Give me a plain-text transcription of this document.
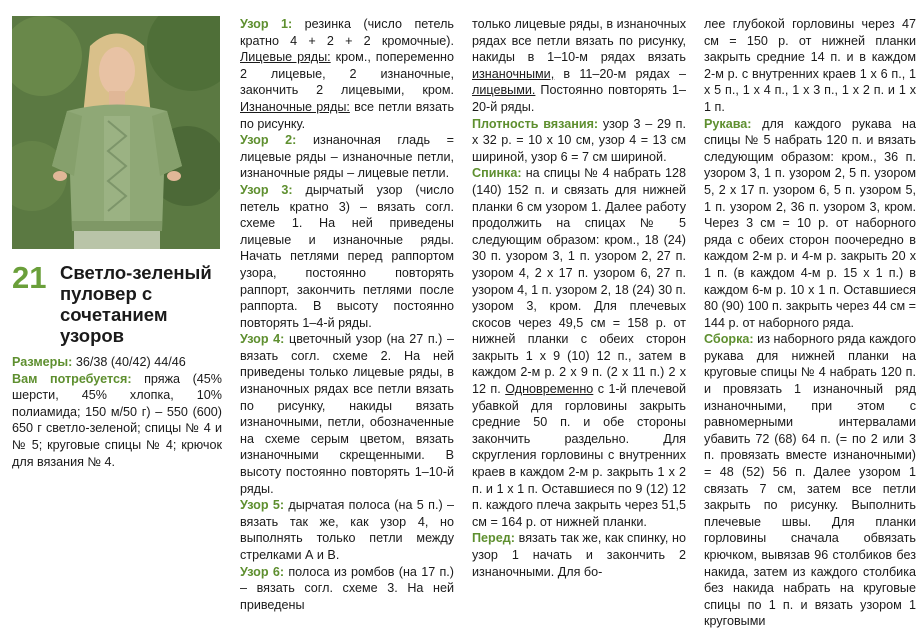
21 Светло-зеленый пуловер с сочетанием узоров

Размеры: 36/38 (40/42) 44/46

Вам потребуется: пряжа (45% шерсти, 45% хлопка, 10% полиамида; 150 м/50 г) – 550 (600) 650 г светло-зеленой; спицы № 4 и № 5; круговые спицы № 4; крючок для вязания № 4.

Узор 1: резинка (число петель кратно 4 + 2 + 2 кромочные). Лицевые ряды: кром., попеременно 2 лицевые, 2 изнаночные, закончить 2 лицевыми, кром. Изнаночные ряды: все петли вязать по рисунку.

Узор 2: изнаночная гладь = лицевые ряды – изнаночные петли, изнаночные ряды – лицевые петли.

Узор 3: дырчатый узор (число петель кратно 3) – вязать согл. схеме 1. На ней приведены лицевые и изнаночные ряды. Начать петлями перед раппортом узора, постоянно повторять раппорт, закончить петлями после раппорта. В высоту постоянно повторять 1–4-й ряды.

Узор 4: цветочный узор (на 27 п.) – вязать согл. схеме 2. На ней приведены только лицевые ряды, в изнаночных рядах все петли вязать по рисунку, накиды вязать изнаночными, петли, обозначенные на схеме серым цветом, вязать изнаночными скрещенными. В высоту постоянно повторять 1–10-й ряды.

Узор 5: дырчатая полоса (на 5 п.) – вязать так же, как узор 4, но выполнять только петли между стрелками А и В.

Узор 6: полоса из ромбов (на 17 п.) – вязать согл. схеме 3. На ней приведены

только лицевые ряды, в изнаночных рядах все петли вязать по рисунку, накиды в 1–10-м рядах вязать изнаночными, в 11–20-м рядах – лицевыми. Постоянно повторять 1–20-й ряды.

Плотность вязания: узор 3 – 29 п. x 32 р. = 10 x 10 см, узор 4 = 13 см шириной, узор 6 = 7 см шириной.

Спинка: на спицы № 4 набрать 128 (140) 152 п. и связать для нижней планки 6 см узором 1. Далее работу продолжить на спицах № 5 следующим образом: кром., 18 (24) 30 п. узором 3, 1 п. узором 2, 27 п. узором 4, 2 x 17 п. узором 6, 27 п. узором 4, 1 п. узором 2, 18 (24) 30 п. узором 3, кром. Для плечевых скосов через 49,5 см = 158 р. от нижней планки с обеих сторон закрыть 1 x 9 (10) 12 п., затем в каждом 2-м р. 2 x 9 п. (2 x 11 п.) 2 x 12 п. Одновременно с 1-й плечевой убавкой для горловины закрыть средние 50 п. и обе стороны закончить раздельно. Для скругления горловины с внутренних краев в каждом 2-м р. закрыть 1 x 2 п. и 1 x 1 п. Оставшиеся по 9 (12) 12 п. каждого плеча закрыть через 51,5 см = 164 р. от нижней планки.

Перед: вязать так же, как спинку, но узор 1 начать и закончить 2 изнаночными. Для бо-

лее глубокой горловины через 47 см = 150 р. от нижней планки закрыть средние 14 п. и в каждом 2-м р. с внутренних краев 1 x 6 п., 1 x 5 п., 1 x 4 п., 1 x 3 п., 1 x 2 п. и 1 x 1 п.

Рукава: для каждого рукава на спицы № 5 набрать 120 п. и вязать следующим образом: кром., 36 п. узором 3, 1 п. узором 2, 5 п. узором 5, 2 x 17 п. узором 6, 5 п. узором 5, 1 п. узором 2, 36 п. узором 3, кром. Через 3 см = 10 р. от наборного ряда с обеих сторон поочередно в каждом 2-м р. и 4-м р. закрыть 20 x 1 п. (в каждом 4-м р. 15 x 1 п.) в каждом 6-м р. 10 x 1 п. Оставшиеся 80 (90) 100 п. закрыть через 44 см = 144 р. от наборного ряда.

Сборка: из наборного ряда каждого рукава для нижней планки на круговые спицы № 4 набрать 120 п. и провязать 1 изнаночный ряд изнаночными, при этом с равномерными интервалами убавить 72 (68) 64 п. (= по 2 или 3 п. провязать вместе изнаночными) = 48 (52) 56 п. Далее узором 1 связать 7 см, затем все петли закрыть по рисунку. Выполнить плечевые швы. Для планки горловины сначала обвязать крючком, вывязав 96 столбиков без накида, затем из каждого столбика без накида набрать на круговые спицы по 1 п. и вязать узором 1 круговыми
